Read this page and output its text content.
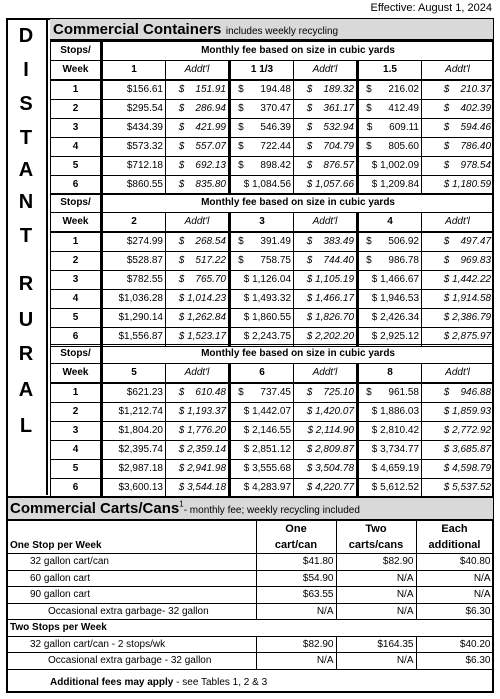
Effective: August 1, 2024
D
I
S
T
A
N
T
R
U
R
A
L
Commercial Containers includes weekly recycling
Stops/	Monthly fee based on size in cubic yards					
Week	1	Addt'l	1 1/3	Addt'l	1.5	Addt'l
1	$156.61	$    151.91	$      194.48	$    189.32	$      216.02	$    210.37
2	$295.54	$    286.94	$      370.47	$    361.17	$      412.49	$    402.39
3	$434.39	$    421.99	$      546.39	$    532.94	$      609.11	$    594.46
4	$573.32	$    557.07	$      722.44	$    704.79	$      805.60	$    786.40
5	$712.18	$    692.13	$      898.42	$    876.57	$ 1,002.09	$    978.54
6	$860.55	$    835.80	$ 1,084.56	$ 1,057.66	$ 1,209.84	$ 1,180.59
Stops/	Monthly fee based on size in cubic yards					
Week	2	Addt'l	3	Addt'l	4	Addt'l
1	$274.99	$    268.54	$      391.49	$    383.49	$      506.92	$    497.47
2	$528.87	$    517.22	$      758.75	$    744.40	$      986.78	$    969.83
3	$782.55	$    765.70	$ 1,126.04	$ 1,105.19	$ 1,466.67	$ 1,442.22
4	$1,036.28	$ 1,014.23	$ 1,493.32	$ 1,466.17	$ 1,946.53	$ 1,914.58
5	$1,290.14	$ 1,262.84	$ 1,860.55	$ 1,826.70	$ 2,426.34	$ 2,386.79
6	$1,556.87	$ 1,523.17	$ 2,243.75	$ 2,202.20	$ 2,925.12	$ 2,875.97
Stops/	Monthly fee based on size in cubic yards					
Week	5	Addt'l	6	Addt'l	8	Addt'l
1	$621.23	$    610.48	$      737.45	$    725.10	$      961.58	$    946.88
2	$1,212.74	$ 1,193.37	$ 1,442.07	$ 1,420.07	$ 1,886.03	$ 1,859.93
3	$1,804.20	$ 1,776.20	$ 2,146.55	$ 2,114.90	$ 2,810.42	$ 2,772.92
4	$2,395.74	$ 2,359.14	$ 2,851.12	$ 2,809.87	$ 3,734.77	$ 3,685.87
5	$2,987.18	$ 2,941.98	$ 3,555.68	$ 3,504.78	$ 4,659.19	$ 4,598.79
6	$3,600.13	$ 3,544.18	$ 4,283.97	$ 4,220.77	$ 5,612.52	$ 5,537.52
Commercial Carts/Cans$^1$- monthly fee; weekly recycling included
	One	Two	Each
One Stop per Week	cart/can	carts/cans	additional
32 gallon cart/can	$41.80	$82.90	$40.80
60 gallon cart	$54.90	N/A	N/A
90 gallon cart	$63.55	N/A	N/A
Occasional extra garbage- 32 gallon	N/A	N/A	$6.30
Two Stops per Week			
32 gallon cart/can - 2 stops/wk	$82.90	$164.35	$40.20
Occasional extra garbage - 32 gallon	N/A	N/A	$6.30
Additional fees may apply - see Tables 1, 2 & 3
